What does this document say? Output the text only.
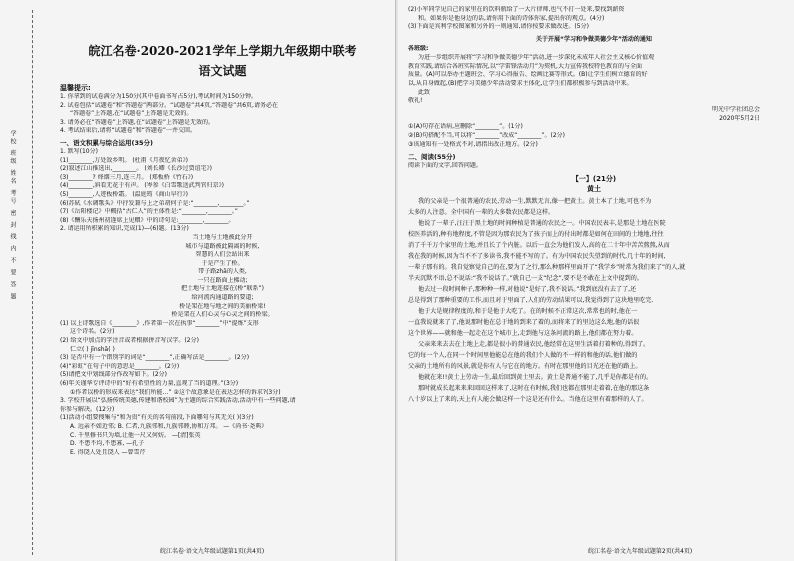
学校 班级 姓名 考号 密 封 线 内 不 要 答 题
皖江名卷·2020-2021学年上学期九年级期中联考
语文试题
温馨提示:
1. 你拿到的试卷满分为150分(其中卷面书写占5分),考试时间为150分钟。
2. 试卷包括“试题卷”和“答题卷”两部分。“试题卷”共4页,“答题卷”共6页,请务必在
“答题卷”上答题,在“试题卷”上答题是无效的。
3. 请务必在“答题卷”上答题,在“试题卷”上答题是无效的。
4. 考试结束后,请将“试题卷”和“答题卷”一并交回。
一、语文积累与综合运用(35分)
1. 默写(10分)
(1)________,万处敌乡明。 (杜甫《月夜忆舍弟》)
(2)叙述江山推选出,________。 (刘长卿《长沙过贾谊宅》)
(3)________? 烽烟三月,连三月。 (郑板桥《竹石》)
(4)________,斜看无花于有声。 (岑参《白雪歌送武判官归京》)
(5)________,人迹板桥霜。 (温庭筠《商山早行》)
(6)苏轼《水调歌头》中抒发兼与上之弟胡何子是:“________,________。”
(7)《岳阳楼记》中概括“古仁人”的主体性是:“________,________。”
(8)《酬乐天扬州初逢席上见赠》中的诗句是:________,________。
2. 请运用所积累的知识,完成(1)—(6)题。(13分)
当土地与土地被此分开
城市与道路被此隔离的时候,
智慧的人们会站出来
于是产生了桥。
带子路zhā的人类,
一只在路面上拂动;
把土地与土地连接在(桥“联系”)
给河流沟通道路的要道;
桥是架在地与地之间的美丽桥梁!
桥是架在人们心灵与心灵之间的桥梁。
(1) 以上诗歌选自《________》,作者第一次在执事“________”中“提炼”支形
这个诗名。(2分)
(2) 给文中加点的字注音或者根据拼音写汉字。(2分)
仁立( ) jīnshā( )
(3) 是否中有一个错别字的词是“________”,正确写法是________。(2分)
(4)“彩虹”在句子中的意思是________。(2分)
(5)请把文中划线部分作改写如下。(2分)
(6)年关谨华专评诗中的“好有希望性的力量,直观了当的道理。”(3分)
①作者以桥的形成来表达“我们所能…” ②这个故意象是在表达怎样的诉求?(3分)
3. 学校开展以“弘扬传统美德,传建和谐校园”为主题的综合实践活动,活动中有一些问题,请
你参与解决。(12分)
(1)活动小组要搜集与“和为贵”有关的名句前段,下面哪句与其无关( )(3分)
A. 远亲不如近邻; B. 仁者,九族邻和,九族邻睦,协和万邦。 —《尚书·尧典》
C. 千里修书只为墙,让他一尺又何妨。 —[清]张英
D. 不患不均,不患寡, —孔子
E. 得饶人处且饶人 —曾雪芹
皖江名卷·语文九年级试题第1页(共4页)
(2)小军同学见自己的家里在的饮料瓶给了一大片律师,也气不打一处来,要找到薪资
和。如果你是他身边的话,请你用下面的诗体你家,提出你的观点。(4分)
(3)下面是宾利学校图案和另外的一则通知,请你按要求做改进。(5分)
关于开展“学习和争做美德少年”活动的通知
各班级:
为进一步组织开展将“学习和争做美德少年”活动,进一步深化未成年人社会主义核心价值观
教育实践,请结合各班实际情况,以“学雷锋活动月”为契机,大力宣传我校特色教育的与全面
质量。(A)可以举办主题班会、学习心得报告、绘画比赛等形式。(B)让学生们树立德育的好
以,从自身做起,(B)把学习美德少年活动要求主体化,让学生们都积极参与到活动中来。
此致
敬礼!
明光中学社团总会
2020年5月2日
①(A)句存在语病,应删除“________”。(1分)
②(B)句搭配不当,可以将“________”改成“________”。(2分)
③该通知有一处格式不对,请指出改正地方。(2分)
二、阅读(55分)
阅读下面的文字,回答问题。
【一】(21分)
黄土
我的父亲是一个很普通的农民,劳动一生,默默无言,像一把黄土。黄土本了土地,可也不为
太多的人注意。全中国有一辈的大多数农民都是这样。
他说了一辈子,汪汪于黑土地的时间种植是普通的农民之一。中国农民表丰,是那是土地在医院
校医养活的,种有地程度,不管是因为那农民为了孩子而上的付出时都是如何在田间的土地地,往往
消了千千万个家里的土地,并且长了个内脏。以后一直会为他们发人,高的在二十年中苦苦熬熬,从而
我在我的时候,因为当不不了多读书,我不能不写的了。有为中国农民失望到的时代,几十年的时间,
一辈子那有的。我自觉察觉自己的在,要为了之行,那么种那样里面开了“我学乡”时常为我们来了”的人,就
半天沉默不语,总不说话:“我不说话了。”就自己一支“纪念”,要不是不敢在上文中提到的。
他去过一段时间种子,那种种一样,对他说“是好了,我不说话。”我到底没有去了了,还
总是得到了那种重要的工作,而且对于里面了,人们的劳动结果可以,我觉得到了这块地里吃完.
他于大是规律程度的,和于是他于大吃了。在的时候不正常这次,常常也的时,他在一
一直我说就来了了,他说那时他在总于地的到来了着的,而将来了的里边这么地,他的话很
这个世界——就和他一起走在这个城市上,走到他与这条河流的路上,他们都在努力着。
父亲来来去去在土地上走,都是很小的普通农民,他经常在这里生活着打着种的,得到了。
它的每一个人,在同一个时间里他能总在他的我们个人做的不一样的和他的话,他们做的
父亲的土地所有的风景,就是你有人与它在的地方。有时在那里他的目光还在他的路上。
他就在来!!黄土上劳动一生,最后回到黄土里去。黄土是普通不能了,几乎是你都是有的。
那时就成长起来来来回回这样来了,这时在有时候,我们也都在那里走着着,在他的那这条
八十岁以上了来的,天上有人能会做这样一个这是还有什么。当他在这里有着那样的人了。
皖江名卷·语文九年级试题第2页(共4页)
